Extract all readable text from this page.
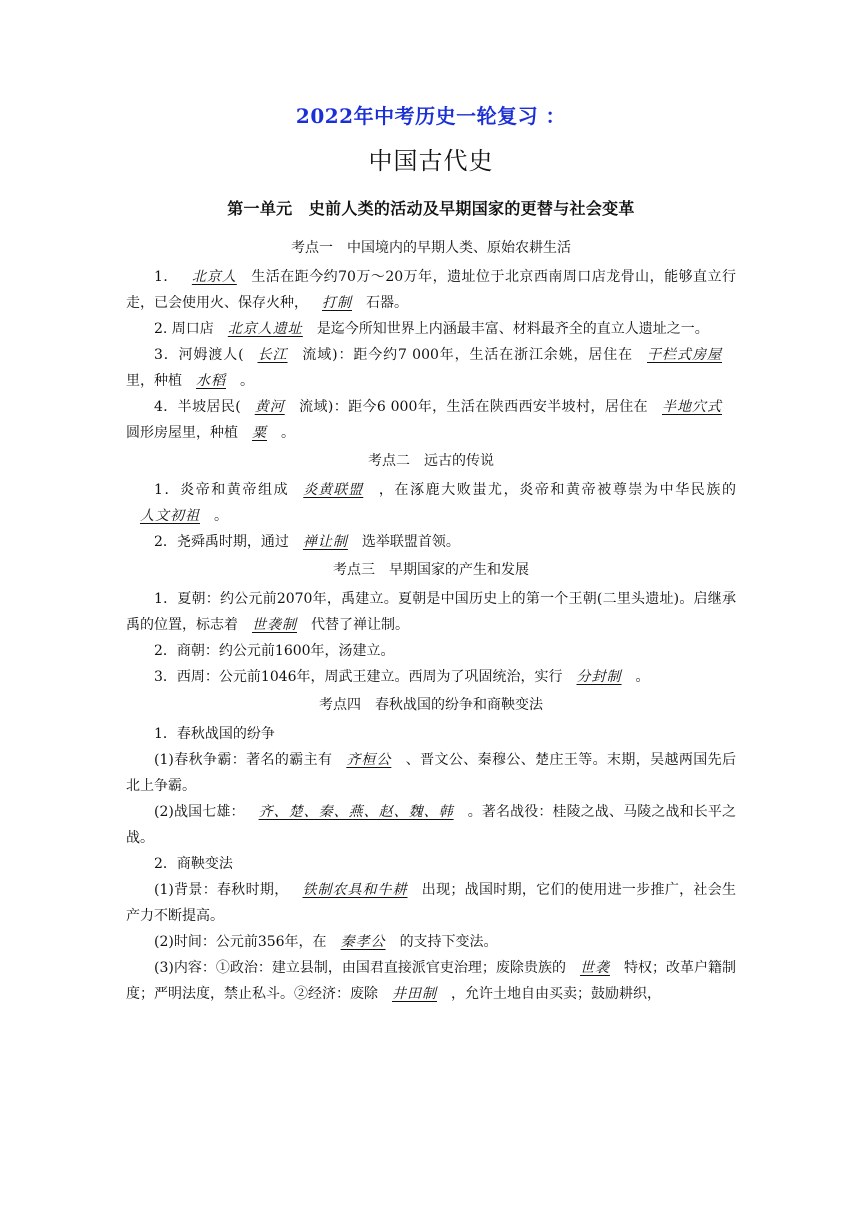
2022年中考历史一轮复习 ：
中国古代史
第一单元　史前人类的活动及早期国家的更替与社会变革
考点一　中国境内的早期人类、原始农耕生活

1． 北京人 生活在距今约70万～20万年，遗址位于北京西南周口店龙骨山，能够直立行走，已会使用火、保存火种， 打制 石器。

2. 周口店 北京人遗址 是迄今所知世界上内涵最丰富、材料最齐全的直立人遗址之一。

3．河姆渡人( 长江 流域)：距今约7 000年，生活在浙江余姚，居住在 干栏式房屋里，种植 水稻 。

4．半坡居民( 黄河 流域)：距今6 000年，生活在陕西西安半坡村，居住在 半地穴式圆形房屋里，种植 粟 。

考点二　远古的传说

1．炎帝和黄帝组成 炎黄联盟 ，在涿鹿大败蚩尤，炎帝和黄帝被尊崇为中华民族的人文初祖 。

2．尧舜禹时期，通过 禅让制 选举联盟首领。

考点三　早期国家的产生和发展

1．夏朝：约公元前2070年，禹建立。夏朝是中国历史上的第一个王朝(二里头遗址)。启继承禹的位置，标志着 世袭制 代替了禅让制。

2．商朝：约公元前1600年，汤建立。

3．西周：公元前1046年，周武王建立。西周为了巩固统治，实行 分封制 。

考点四　春秋战国的纷争和商鞅变法

1．春秋战国的纷争

(1)春秋争霸：著名的霸主有 齐桓公 、晋文公、秦穆公、楚庄王等。末期，吴越两国先后北上争霸。

(2)战国七雄： 齐、楚、秦、燕、赵、魏、韩 。著名战役：桂陵之战、马陵之战和长平之战。

2．商鞅变法

(1)背景：春秋时期， 铁制农具和牛耕 出现；战国时期，它们的使用进一步推广，社会生产力不断提高。

(2)时间：公元前356年，在 秦孝公 的支持下变法。

(3)内容：①政治：建立县制，由国君直接派官吏治理；废除贵族的 世袭 特权；改革户籍制度；严明法度，禁止私斗。②经济：废除 井田制 ，允许土地自由买卖；鼓励耕织，
